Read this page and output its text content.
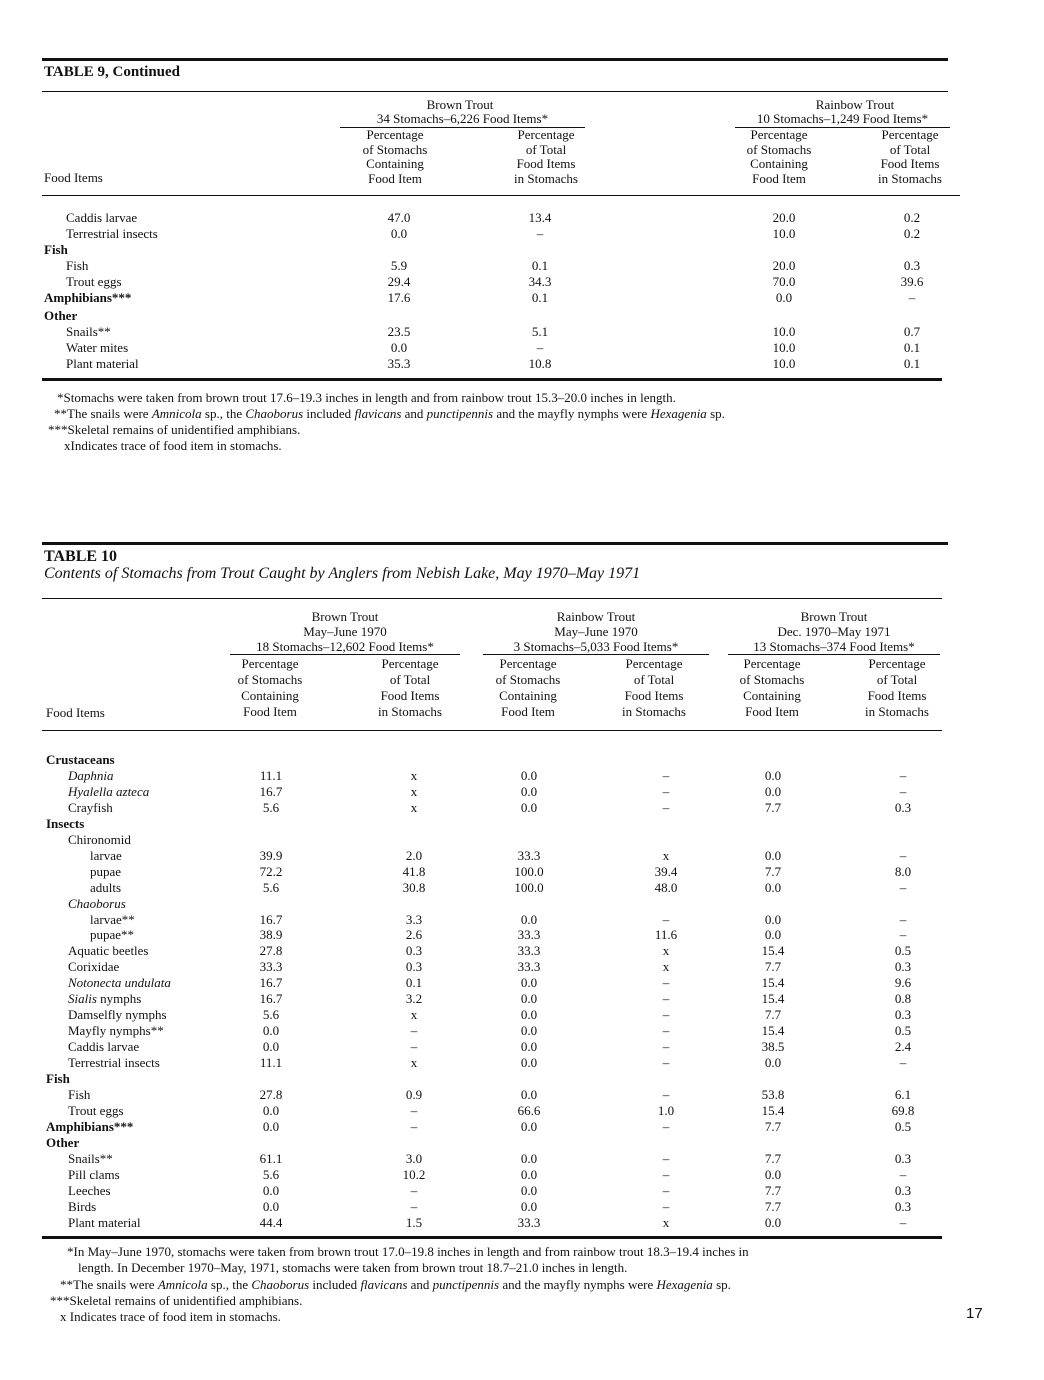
TABLE 9, Continued
Brown Trout
34 Stomachs–6,226 Food Items*
Rainbow Trout
10 Stomachs–1,249 Food Items*
Food Items
Percentage
of Stomachs
Containing
Food Item
Percentage
of Total
Food Items
in Stomachs
Percentage
of Stomachs
Containing
Food Item
Percentage
of Total
Food Items
in Stomachs
Caddis larvae	47.0	13.4	20.0	0.2
Terrestrial insects	0.0	–	10.0	0.2
Fish
Fish	5.9	0.1	20.0	0.3
Trout eggs	29.4	34.3	70.0	39.6
Amphibians***	17.6	0.1	0.0	–
Other
Snails**	23.5	5.1	10.0	0.7
Water mites	0.0	–	10.0	0.1
Plant material	35.3	10.8	10.0	0.1
*Stomachs were taken from brown trout 17.6–19.3 inches in length and from rainbow trout 15.3–20.0 inches in length.
**The snails were Amnicola sp., the Chaoborus included flavicans and punctipennis and the mayfly nymphs were Hexagenia sp.
***Skeletal remains of unidentified amphibians.
xIndicates trace of food item in stomachs.
TABLE 10
Contents of Stomachs from Trout Caught by Anglers from Nebish Lake, May 1970–May 1971
Brown Trout
May–June 1970
18 Stomachs–12,602 Food Items*
Rainbow Trout
May–June 1970
3 Stomachs–5,033 Food Items*
Brown Trout
Dec. 1970–May 1971
13 Stomachs–374 Food Items*
Food Items
Percentage
of Stomachs
Containing
Food Item
Percentage
of Total
Food Items
in Stomachs
Percentage
of Stomachs
Containing
Food Item
Percentage
of Total
Food Items
in Stomachs
Percentage
of Stomachs
Containing
Food Item
Percentage
of Total
Food Items
in Stomachs
Crustaceans
Daphnia	11.1	x	0.0	–	0.0	–
Hyalella azteca	16.7	x	0.0	–	0.0	–
Crayfish	5.6	x	0.0	–	7.7	0.3
Insects
Chironomid
larvae	39.9	2.0	33.3	x	0.0	–
pupae	72.2	41.8	100.0	39.4	7.7	8.0
adults	5.6	30.8	100.0	48.0	0.0	–
Chaoborus
larvae**	16.7	3.3	0.0	–	0.0	–
pupae**	38.9	2.6	33.3	11.6	0.0	–
Aquatic beetles	27.8	0.3	33.3	x	15.4	0.5
Corixidae	33.3	0.3	33.3	x	7.7	0.3
Notonecta undulata	16.7	0.1	0.0	–	15.4	9.6
Sialis nymphs	16.7	3.2	0.0	–	15.4	0.8
Damselfly nymphs	5.6	x	0.0	–	7.7	0.3
Mayfly nymphs**	0.0	–	0.0	–	15.4	0.5
Caddis larvae	0.0	–	0.0	–	38.5	2.4
Terrestrial insects	11.1	x	0.0	–	0.0	–
Fish
Fish	27.8	0.9	0.0	–	53.8	6.1
Trout eggs	0.0	–	66.6	1.0	15.4	69.8
Amphibians***	0.0	–	0.0	–	7.7	0.5
Other
Snails**	61.1	3.0	0.0	–	7.7	0.3
Pill clams	5.6	10.2	0.0	–	0.0	–
Leeches	0.0	–	0.0	–	7.7	0.3
Birds	0.0	–	0.0	–	7.7	0.3
Plant material	44.4	1.5	33.3	x	0.0	–
*In May–June 1970, stomachs were taken from brown trout 17.0–19.8 inches in length and from rainbow trout 18.3–19.4 inches in
length. In December 1970–May, 1971, stomachs were taken from brown trout 18.7–21.0 inches in length.
**The snails were Amnicola sp., the Chaoborus included flavicans and punctipennis and the mayfly nymphs were Hexagenia sp.
***Skeletal remains of unidentified amphibians.
x Indicates trace of food item in stomachs.	17
